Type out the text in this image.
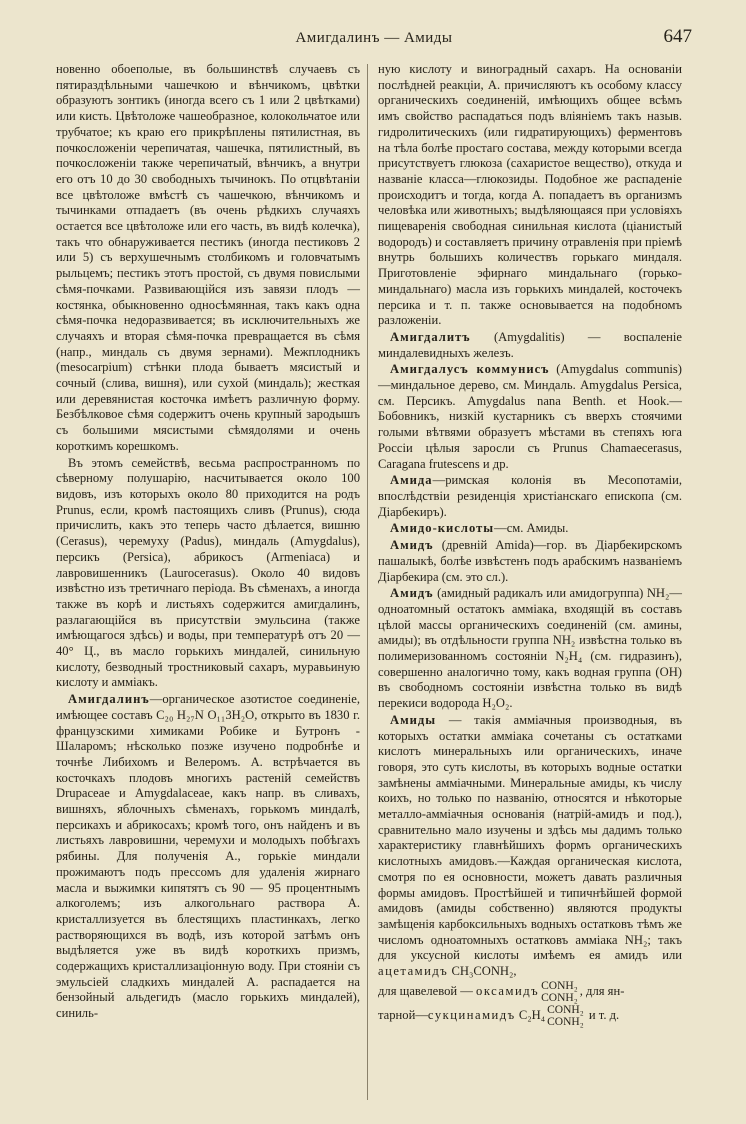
Амигдалинъ — Амиды	647

новенно обоеполые, въ большинствѣ случаевъ съ пятираздѣльными чашечкою и вѣнчикомъ, цвѣтки образуютъ зонтикъ (иногда всего съ 1 или 2 цвѣтками) или кисть. Цвѣтоложе чашеобразное, колокольчатое или трубчатое; къ краю его прикрѣплены пятилистная, въ почкосложеніи черепичатая, чашечка, пятилистный, въ почкосложеніи также черепичатый, вѣнчикъ, а внутри его отъ 10 до 30 свободныхъ тычинокъ. По отцвѣтаніи все цвѣтоложе вмѣстѣ съ чашечкою, вѣнчикомъ и тычинками отпадаетъ (въ очень рѣдкихъ случаяхъ остается все цвѣтоложе или его часть, въ видѣ колечка), такъ что обнаруживается пестикъ (иногда пестиковъ 2 или 5) съ верхушечнымъ столбикомъ и головчатымъ рыльцемъ; пестикъ этотъ простой, съ двумя повислыми сѣмя-почками. Развивающійся изъ завязи плодъ — костянка, обыкновенно односѣмянная, такъ какъ одна сѣмя-почка недоразвивается; въ исключительныхъ же случаяхъ и вторая сѣмя-почка превращается въ сѣмя (напр., миндаль съ двумя зернами). Межплодникъ (mesocarpium) стѣнки плода бываетъ мясистый и сочный (слива, вишня), или сухой (миндаль); жесткая или деревянистая косточка имѣетъ различную форму. Безбѣлковое сѣмя содержитъ очень крупный зародышъ съ большими мясистыми сѣмядолями и очень короткимъ корешкомъ.

Въ этомъ семействѣ, весьма распространномъ по сѣверному полушарію, насчитывается около 100 видовъ, изъ которыхъ около 80 приходится на родъ Prunus, если, кромѣ пастоящихъ сливъ (Prunus), сюда причислить, какъ это теперь часто дѣлается, вишню (Cerasus), черемуху (Padus), миндаль (Amygdalus), персикъ (Persica), абрикосъ (Armeniaca) и лавровишенникъ (Laurocerasus). Около 40 видовъ извѣстно изъ третичнаго періода. Въ сѣменахъ, а иногда также въ корѣ и листьяхъ содержится амигдалинъ, разлагающійся въ присутствіи эмульсина (также имѣющагося здѣсь) и воды, при температурѣ отъ 20 — 40° Ц., въ масло горькихъ миндалей, синильную кислоту, безводный тростниковый сахаръ, муравьиную кислоту и амміакъ.

Амигдалинъ—органическое азотистое соединеніе, имѣющее составъ C₂₀ H₂₇N O₁₁3H₂O, открыто въ 1830 г. французскими химиками Робике и Бутронъ - Шаларомъ; нѣсколько позже изучено подробнѣе и точнѣе Либихомъ и Велеромъ. А. встрѣчается въ косточкахъ плодовъ многихъ растеній семействъ Drupaceae и Amygdalaceae, какъ напр. въ сливахъ, вишняхъ, яблочныхъ сѣменахъ, горькомъ миндалѣ, персикахъ и абрикосахъ; кромѣ того, онъ найденъ и въ листьяхъ лавровишни, черемухи и молодыхъ побѣгахъ рябины. Для полученія А., горькіе миндали прожимаютъ подъ прессомъ для удаленія жирнаго масла и выжимки кипятятъ съ 90 — 95 процентнымъ алкоголемъ; изъ алкогольнаго раствора А. кристаллизуется въ блестящихъ пластинкахъ, легко растворяющихся въ водѣ, изъ которой затѣмъ онъ выдѣляется уже въ видѣ короткихъ призмъ, содержащихъ кристаллизаціонную воду. При стояніи съ эмульсіей сладкихъ миндалей А. распадается на бензойный альдегидъ (масло горькихъ миндалей), синиль-

ную кислоту и виноградный сахаръ. На основаніи послѣдней реакціи, А. причисляютъ къ особому классу органическихъ соединеній, имѣющихъ общее всѣмъ имъ свойство распадаться подъ вліяніемъ такъ назыв. гидролитическихъ (или гидратирующихъ) ферментовъ на тѣла болѣе простаго состава, между которыми всегда присутствуетъ глюкоза (сахаристое вещество), откуда и названіе класса—глюкозиды. Подобное же распаденіе происходитъ и тогда, когда А. попадаетъ въ организмъ человѣка или животныхъ; выдѣляющаяся при условіяхъ пищеваренія свободная синильная кислота (ціанистый водородъ) и составляетъ причину отравленія при пріемѣ внутрь большихъ количествъ горькаго миндаля. Приготовленіе эфирнаго миндальнаго (горько-миндальнаго) масла изъ горькихъ миндалей, косточекъ персика и т. п. также основывается на подобномъ разложеніи.

Амигдалитъ (Amygdalitis) — воспаленіе миндалевидныхъ железъ.

Амигдалусъ коммунисъ (Amygdalus communis)—миндальное дерево, см. Миндаль. Amygdalus Persica, см. Персикъ. Amygdalus nana Benth. et Hook.—Бобовникъ, низкій кустарникъ съ вверхъ стоячими голыми вѣтвями образуетъ мѣстами въ степяхъ юга Россіи цѣлыя заросли съ Prunus Chamaecerasus, Caragana frutescens и др.

Амида—римская колонія въ Месопотаміи, впослѣдствіи резиденція христіанскаго епископа (см. Діарбекиръ).

Амидо-кислоты—см. Амиды.

Амидъ (древній Amida)—гор. въ Діарбекирскомъ пашалыкѣ, болѣе извѣстенъ подъ арабскимъ названіемъ Діарбекира (см. это сл.).

Амидъ (амидный радикалъ или амидогруппа) NH₂—одноатомный остатокъ амміака, входящій въ составъ цѣлой массы органическихъ соединеній (см. амины, амиды); въ отдѣльности группа NH₂ извѣстна только въ полимеризованномъ состояніи N₂H₄ (см. гидразинъ), совершенно аналогично тому, какъ водная группа (ОН) въ свободномъ состояніи извѣстна только въ видѣ перекиси водорода H₂O₂.

Амиды — такія амміачныя производныя, въ которыхъ остатки амміака сочетаны съ остатками кислотъ минеральныхъ или органическихъ, иначе говоря, это суть кислоты, въ которыхъ водные остатки замѣнены амміачными. Минеральные амиды, къ числу коихъ, но только по названію, относятся и нѣкоторые металло-амміачныя основанія (натрій-амидъ и под.), сравнительно мало изучены и здѣсь мы дадимъ только характеристику главнѣйшихъ формъ органическихъ кислотныхъ амидовъ.—Каждая органическая кислота, смотря по ея основности, можетъ давать различныя формы амидовъ. Простѣйшей и типичнѣйшей формой амидовъ (амиды собственно) являются продукты замѣщенія карбоксильныхъ водныхъ остатковъ тѣмъ же числомъ одноатомныхъ остатковъ амміака NH₂; такъ для уксусной кислоты имѣемъ ея амидъ или ацетамидъ CH₃CONH₂,

для щавелевой — оксамидъ CONH₂
CONH₂
, для ян-

тарной—сукцинамидъ C₂H₄ CONH₂
CONH₂
и т. д.
